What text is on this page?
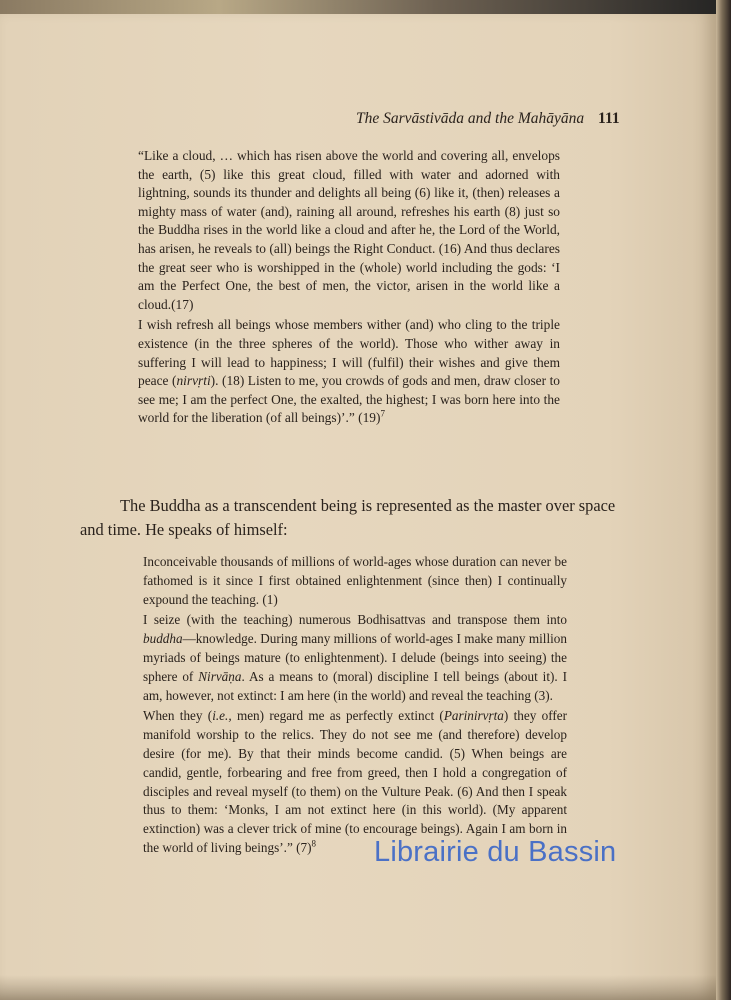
The Sarvāstivāda and the Mahāyāna 111

“Like a cloud, … which has risen above the world and covering all, envelops the earth, (5) like this great cloud, filled with water and adorned with lightning, sounds its thunder and delights all being (6) like it, (then) releases a mighty mass of water (and), raining all around, refreshes his earth (8) just so the Buddha rises in the world like a cloud and after he, the Lord of the World, has arisen, he reveals to (all) beings the Right Conduct. (16) And thus declares the great seer who is worshipped in the (whole) world including the gods: ‘I am the Perfect One, the best of men, the victor, arisen in the world like a cloud.(17)

I wish refresh all beings whose members wither (and) who cling to the triple existence (in the three spheres of the world). Those who wither away in suffering I will lead to happiness; I will (fulfil) their wishes and give them peace (nirvṛti). (18) Listen to me, you crowds of gods and men, draw closer to see me; I am the perfect One, the exalted, the highest; I was born here into the world for the liberation (of all beings)’.” $(19)^7$

The Buddha as a transcendent being is represented as the master over space and time. He speaks of himself:

Inconceivable thousands of millions of world-ages whose duration can never be fathomed is it since I first obtained enlightenment (since then) I continually expound the teaching. (1)

I seize (with the teaching) numerous Bodhisattvas and transpose them into buddha—knowledge. During many millions of world-ages I make many million myriads of beings mature (to enlightenment). I delude (beings into seeing) the sphere of Nirvāṇa. As a means to (moral) discipline I tell beings (about it). I am, however, not extinct: I am here (in the world) and reveal the teaching (3).

When they (i.e., men) regard me as perfectly extinct (Parinirvṛta) they offer manifold worship to the relics. They do not see me (and therefore) develop desire (for me). By that their minds become candid. (5) When beings are candid, gentle, forbearing and free from greed, then I hold a congregation of disciples and reveal myself (to them) on the Vulture Peak. (6) And then I speak thus to them: ‘Monks, I am not extinct here (in this world). (My apparent extinction) was a clever trick of mine (to encourage beings). Again I am born in the world of living beings’.” $(7)^8$	Librairie du Bassin
